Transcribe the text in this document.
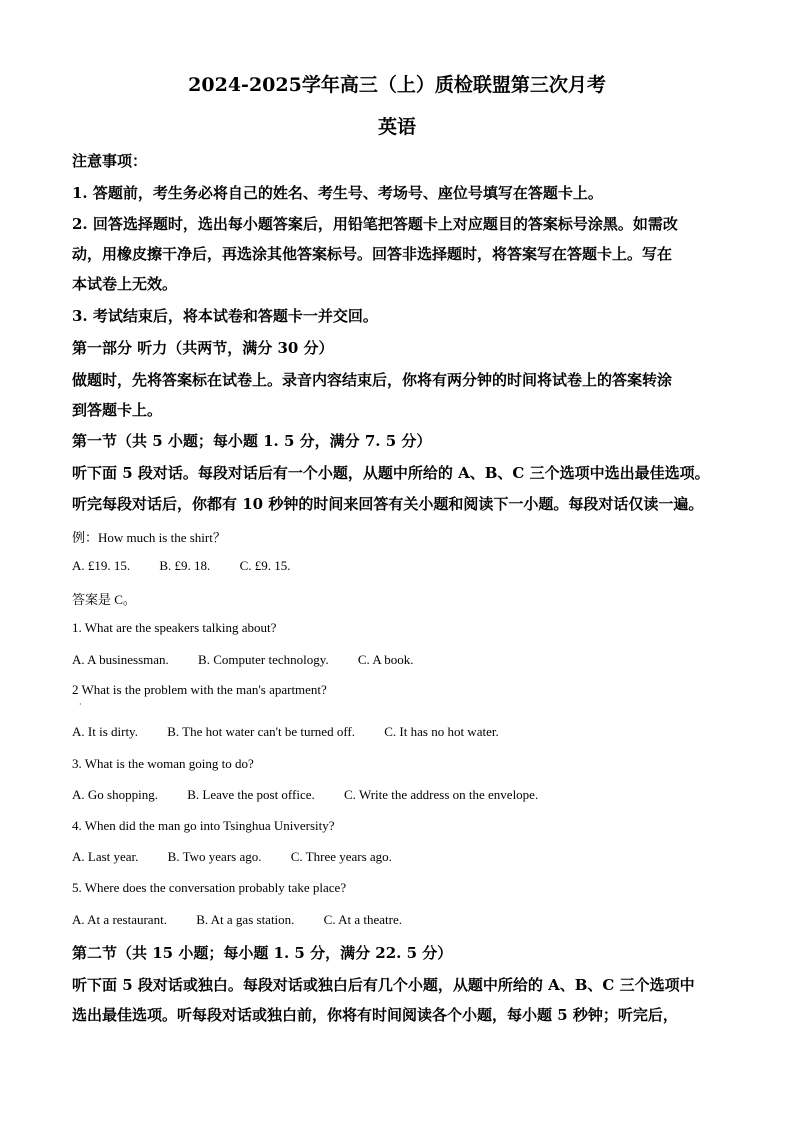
2024-2025学年高三（上）质检联盟第三次月考
英语
注意事项：
1. 答题前，考生务必将自己的姓名、考生号、考场号、座位号填写在答题卡上。
2. 回答选择题时，选出每小题答案后，用铅笔把答题卡上对应题目的答案标号涂黑。如需改
动，用橡皮擦干净后，再选涂其他答案标号。回答非选择题时，将答案写在答题卡上。写在
本试卷上无效。
3. 考试结束后，将本试卷和答题卡一并交回。
第一部分 听力（共两节，满分 30 分）
做题时，先将答案标在试卷上。录音内容结束后，你将有两分钟的时间将试卷上的答案转涂
到答题卡上。
第一节（共 5 小题；每小题 1. 5 分，满分 7. 5 分）
听下面 5 段对话。每段对话后有一个小题，从题中所给的 A、B、C 三个选项中选出最佳选项。
听完每段对话后，你都有 10 秒钟的时间来回答有关小题和阅读下一小题。每段对话仅读一遍。
例：How much is the shirt？
A. £19. 15. B. £9. 18. C. £9. 15.
答案是 C。
1. What are the speakers talking about?
A. A businessman. B. Computer technology. C. A book.
2 What is the problem with the man's apartment?
·
A. It is dirty. B. The hot water can't be turned off. C. It has no hot water.
3. What is the woman going to do?
A. Go shopping. B. Leave the post office. C. Write the address on the envelope.
4. When did the man go into Tsinghua University?
A. Last year. B. Two years ago. C. Three years ago.
5. Where does the conversation probably take place?
A. At a restaurant. B. At a gas station. C. At a theatre.
第二节（共 15 小题；每小题 1. 5 分，满分 22. 5 分）
听下面 5 段对话或独白。每段对话或独白后有几个小题，从题中所给的 A、B、C 三个选项中
选出最佳选项。听每段对话或独白前，你将有时间阅读各个小题，每小题 5 秒钟；听完后，
